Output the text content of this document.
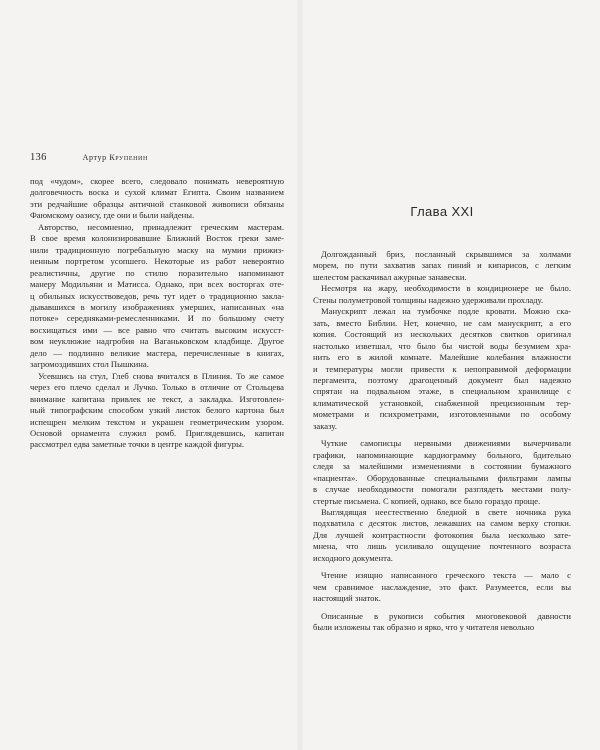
136	Артур Крупенин

под «чудом», скорее всего, следовало понимать невероятную
долговечность воска и сухой климат Египта. Своим названием
эти редчайшие образцы античной станковой живописи обязаны
Фаюмскому оазису, где они и были найдены.

Авторство, несомненно, принадлежит греческим мастерам.
В свое время колонизировавшие Ближний Восток греки заме-
нили традиционную погребальную маску на мумии прижиз-
ненным портретом усопшего. Некоторые из работ невероятно
реалистичны, другие по стилю поразительно напоминают
манеру Модильяни и Матисса. Однако, при всех восторгах оте-
ц обильных искусствоведов, речь тут идет о традиционно заклa-
дывавшихся в могилу изображениях умерших, написанных «на
потоке» середняками-ремесленниками. И по большому счету
восхищаться ими — все равно что считать высоким искусст-
вом неуклюжие надгробия на Ваганьковском кладбище. Другое
дело — подлинно великие мастера, перечисленные в книгах,
загромоздивших стол Пышкина.

Усевшись на стул, Глеб снова вчитался в Плиния. То же самое
через его плечо сделал и Лучко. Только в отличие от Стольцева
внимание капитана привлек не текст, а закладка. Изготовлен-
ный типографским способом узкий листок белого картона был
испещрен мелким текстом и украшен геометрическим узором.
Основой орнамента служил ромб. Приглядевшись, капитан
рассмотрел едва заметные точки в центре каждой фигуры.

Глава XXI

Долгожданный бриз, посланный скрывшимся за холмами
морем, по пути захватив запах пиний и кипарисов, с легким
шелестом раскачивал ажурные занавески.

Несмотря на жару, необходимости в кондиционере не было.
Стены полуметровой толщины надежно удерживали прохладу.

Манускрипт лежал на тумбочке подле кровати. Можно ска-
зать, вместо Библии. Нет, конечно, не сам манускрипт, а его
копия. Состоящий из нескольких десятков свитков оригинал
настолько изветшал, что было бы чистой воды безумием хра-
нить его в жилой комнате. Малейшие колебания влажности
и температуры могли привести к непоправимой деформации
пергамента, поэтому драгоценный документ был надежно
спрятан на подвальном этаже, в специальном хранилище с
климатической установкой, снабженной прецизионным тер-
мометрами и психрометрами, изготовленными по особому
заказу.

Чуткие самописцы нервными движениями вычерчивали
графики, напоминающие кардиограмму больного, бдительно
следя за малейшими изменениями в состоянии бумажного
«пациента». Оборудованные специальными фильтрами лампы
в случае необходимости помогали разглядеть местами полу-
стертые письмена. С копией, однако, все было гораздо проще.

Выглядящая неестественно бледной в свете ночника рука
подхватила с десяток листов, лежавших на самом верху стопки.
Для лучшей контрастности фотокопия была несколько зате-
мнена, что лишь усиливало ощущение почтенного возраста
исходного документа.

Чтение изящно написанного греческого текста — мало с
чем сравнимое наслаждение, это факт. Разумеется, если вы
настоящий знаток.

Описанные в рукописи события многовековой давности
были изложены так образно и ярко, что у читателя невольно
